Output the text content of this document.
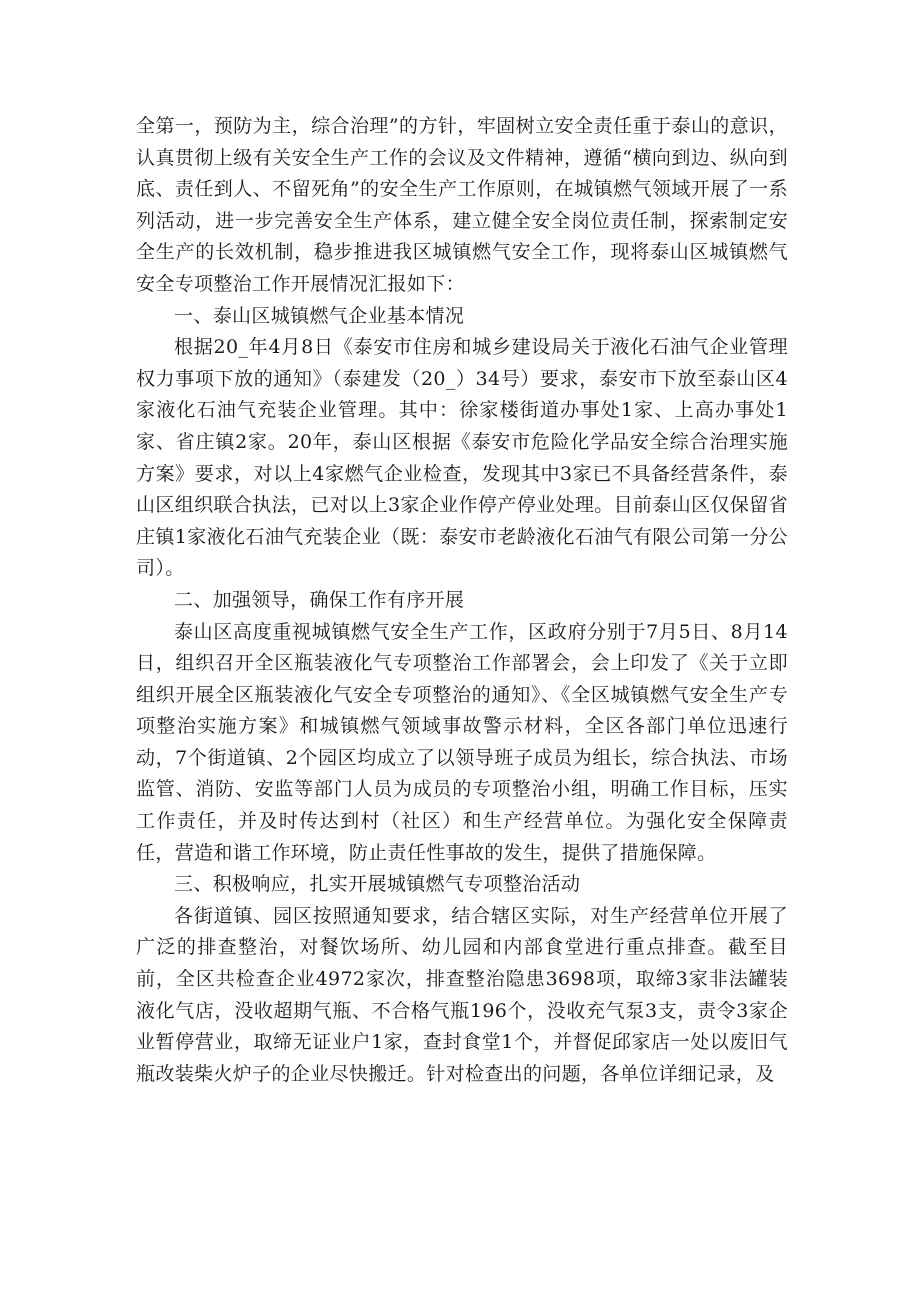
全第一，预防为主，综合治理”的方针，牢固树立安全责任重于泰山的意识，认真贯彻上级有关安全生产工作的会议及文件精神，遵循“横向到边、纵向到底、责任到人、不留死角”的安全生产工作原则，在城镇燃气领域开展了一系列活动，进一步完善安全生产体系，建立健全安全岗位责任制，探索制定安全生产的长效机制，稳步推进我区城镇燃气安全工作，现将泰山区城镇燃气安全专项整治工作开展情况汇报如下：

一、泰山区城镇燃气企业基本情况

根据20_年4月8日《泰安市住房和城乡建设局关于液化石油气企业管理权力事项下放的通知》（泰建发（20_）34号）要求，泰安市下放至泰山区4家液化石油气充装企业管理。其中：徐家楼街道办事处1家、上高办事处1家、省庄镇2家。20年，泰山区根据《泰安市危险化学品安全综合治理实施方案》要求，对以上4家燃气企业检查，发现其中3家已不具备经营条件，泰山区组织联合执法，已对以上3家企业作停产停业处理。目前泰山区仅保留省庄镇1家液化石油气充装企业（既：泰安市老龄液化石油气有限公司第一分公司）。

二、加强领导，确保工作有序开展

泰山区高度重视城镇燃气安全生产工作，区政府分别于7月5日、8月14日，组织召开全区瓶装液化气专项整治工作部署会，会上印发了《关于立即组织开展全区瓶装液化气安全专项整治的通知》、《全区城镇燃气安全生产专项整治实施方案》和城镇燃气领域事故警示材料，全区各部门单位迅速行动，7个街道镇、2个园区均成立了以领导班子成员为组长，综合执法、市场监管、消防、安监等部门人员为成员的专项整治小组，明确工作目标，压实工作责任，并及时传达到村（社区）和生产经营单位。为强化安全保障责任，营造和谐工作环境，防止责任性事故的发生，提供了措施保障。

三、积极响应，扎实开展城镇燃气专项整治活动

各街道镇、园区按照通知要求，结合辖区实际，对生产经营单位开展了广泛的排查整治，对餐饮场所、幼儿园和内部食堂进行重点排查。截至目前，全区共检查企业4972家次，排查整治隐患3698项，取缔3家非法罐装液化气店，没收超期气瓶、不合格气瓶196个，没收充气泵3支，责令3家企业暂停营业，取缔无证业户1家，查封食堂1个，并督促邱家店一处以废旧气瓶改装柴火炉子的企业尽快搬迁。针对检查出的问题，各单位详细记录，及
